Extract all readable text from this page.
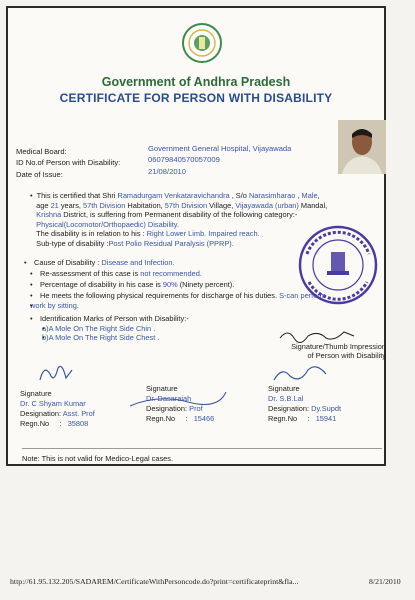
Government of Andhra Pradesh
CERTIFICATE FOR PERSON WITH DISABILITY
Medical Board:	Government General Hospital, Vijayawada
ID No.of Person with Disability:	06079840570057009
Date of Issue:	21/08/2010
•  This is certified that Shri Ramadurgam Venkataravichandra , S/o Narasimharao , Male,
age 21 years, 57th Division Habitation, 57th Division Village, Vijayawada (urban) Mandal,
Krishna District, is suffering from Permanent disability of the following category:-
Physical(Locomotor/Orthopaedic) Disability.
The disability is in relation to his : Right Lower Limb. Impaired reach.
Sub-type of disability :Post Polio Residual Paralysis (PPRP).
• Cause of Disability : Disease and Infection.
• Re-assessment of this case is not recommended.
• Percentage of disability in his case is 90% (Ninety percent).
• He meets the following physical requirements for discharge of his duties. S-can perform
• work by sitting.
• Identification Marks of Person with Disability:-
• a)A Mole On The Right Side Chin .
• b)A Mole On The Right Side Chest .
Signature/Thumb Impression of Person with Disability
Signature
Dr. C Shyam Kumar
Designation: Asst. Prof
Regn.No : 35808
Signature
Dr. Dasaraiah
Designation: Prof
Regn.No : 15466
Signature
Dr. S.B.Lal
Designation: Dy.Supdt
Regn.No : 15941
Note: This is not valid for Medico-Legal cases.
http://61.95.132.205/SADAREM/CertificateWithPersoncode.do?print=certificateprint&fla...	8/21/2010
